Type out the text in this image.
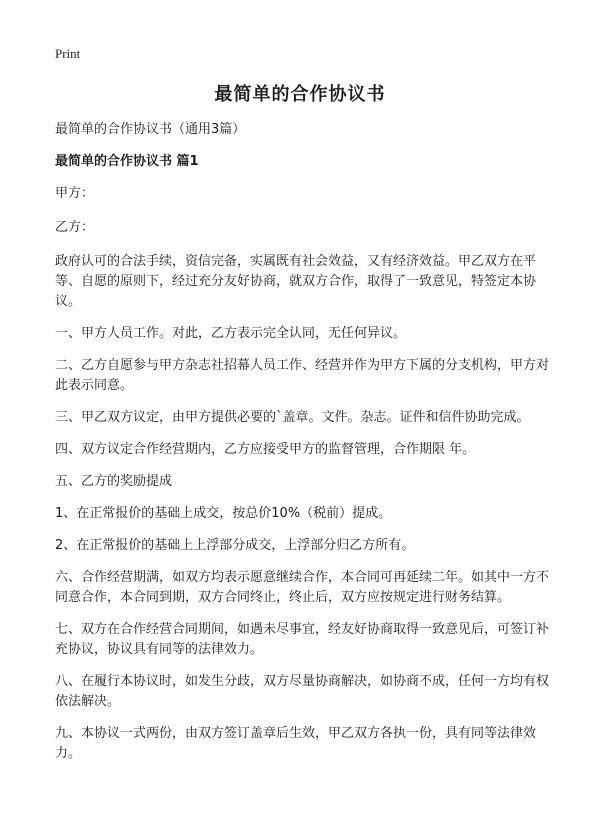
Print
最简单的合作协议书

最简单的合作协议书（通用3篇）

最简单的合作协议书 篇1

甲方：

乙方：

政府认可的合法手续，资信完备，实属既有社会效益，又有经济效益。甲乙双方在平等、自愿的原则下，经过充分友好协商，就双方合作，取得了一致意见，特签定本协议。

一、甲方人员工作。对此，乙方表示完全认同，无任何异议。

二、乙方自愿参与甲方杂志社招幕人员工作、经营并作为甲方下属的分支机构，甲方对此表示同意。

三、甲乙双方议定，由甲方提供必要的`盖章。文件。杂志。证件和信件协助完成。

四、双方议定合作经营期内，乙方应接受甲方的监督管理，合作期限 年。

五、乙方的奖励提成

1、在正常报价的基础上成交，按总价10%（税前）提成。

2、在正常报价的基础上上浮部分成交，上浮部分归乙方所有。

六、合作经营期满，如双方均表示愿意继续合作，本合同可再延续二年。如其中一方不同意合作，本合同到期，双方合同终止，终止后，双方应按规定进行财务结算。

七、双方在合作经营合同期间，如遇未尽事宜，经友好协商取得一致意见后，可签订补充协议，协议具有同等的法律效力。

八、在履行本协议时，如发生分歧，双方尽量协商解决，如协商不成，任何一方均有权依法解决。

九、本协议一式两份，由双方签订盖章后生效，甲乙双方各执一份，具有同等法律效力。
